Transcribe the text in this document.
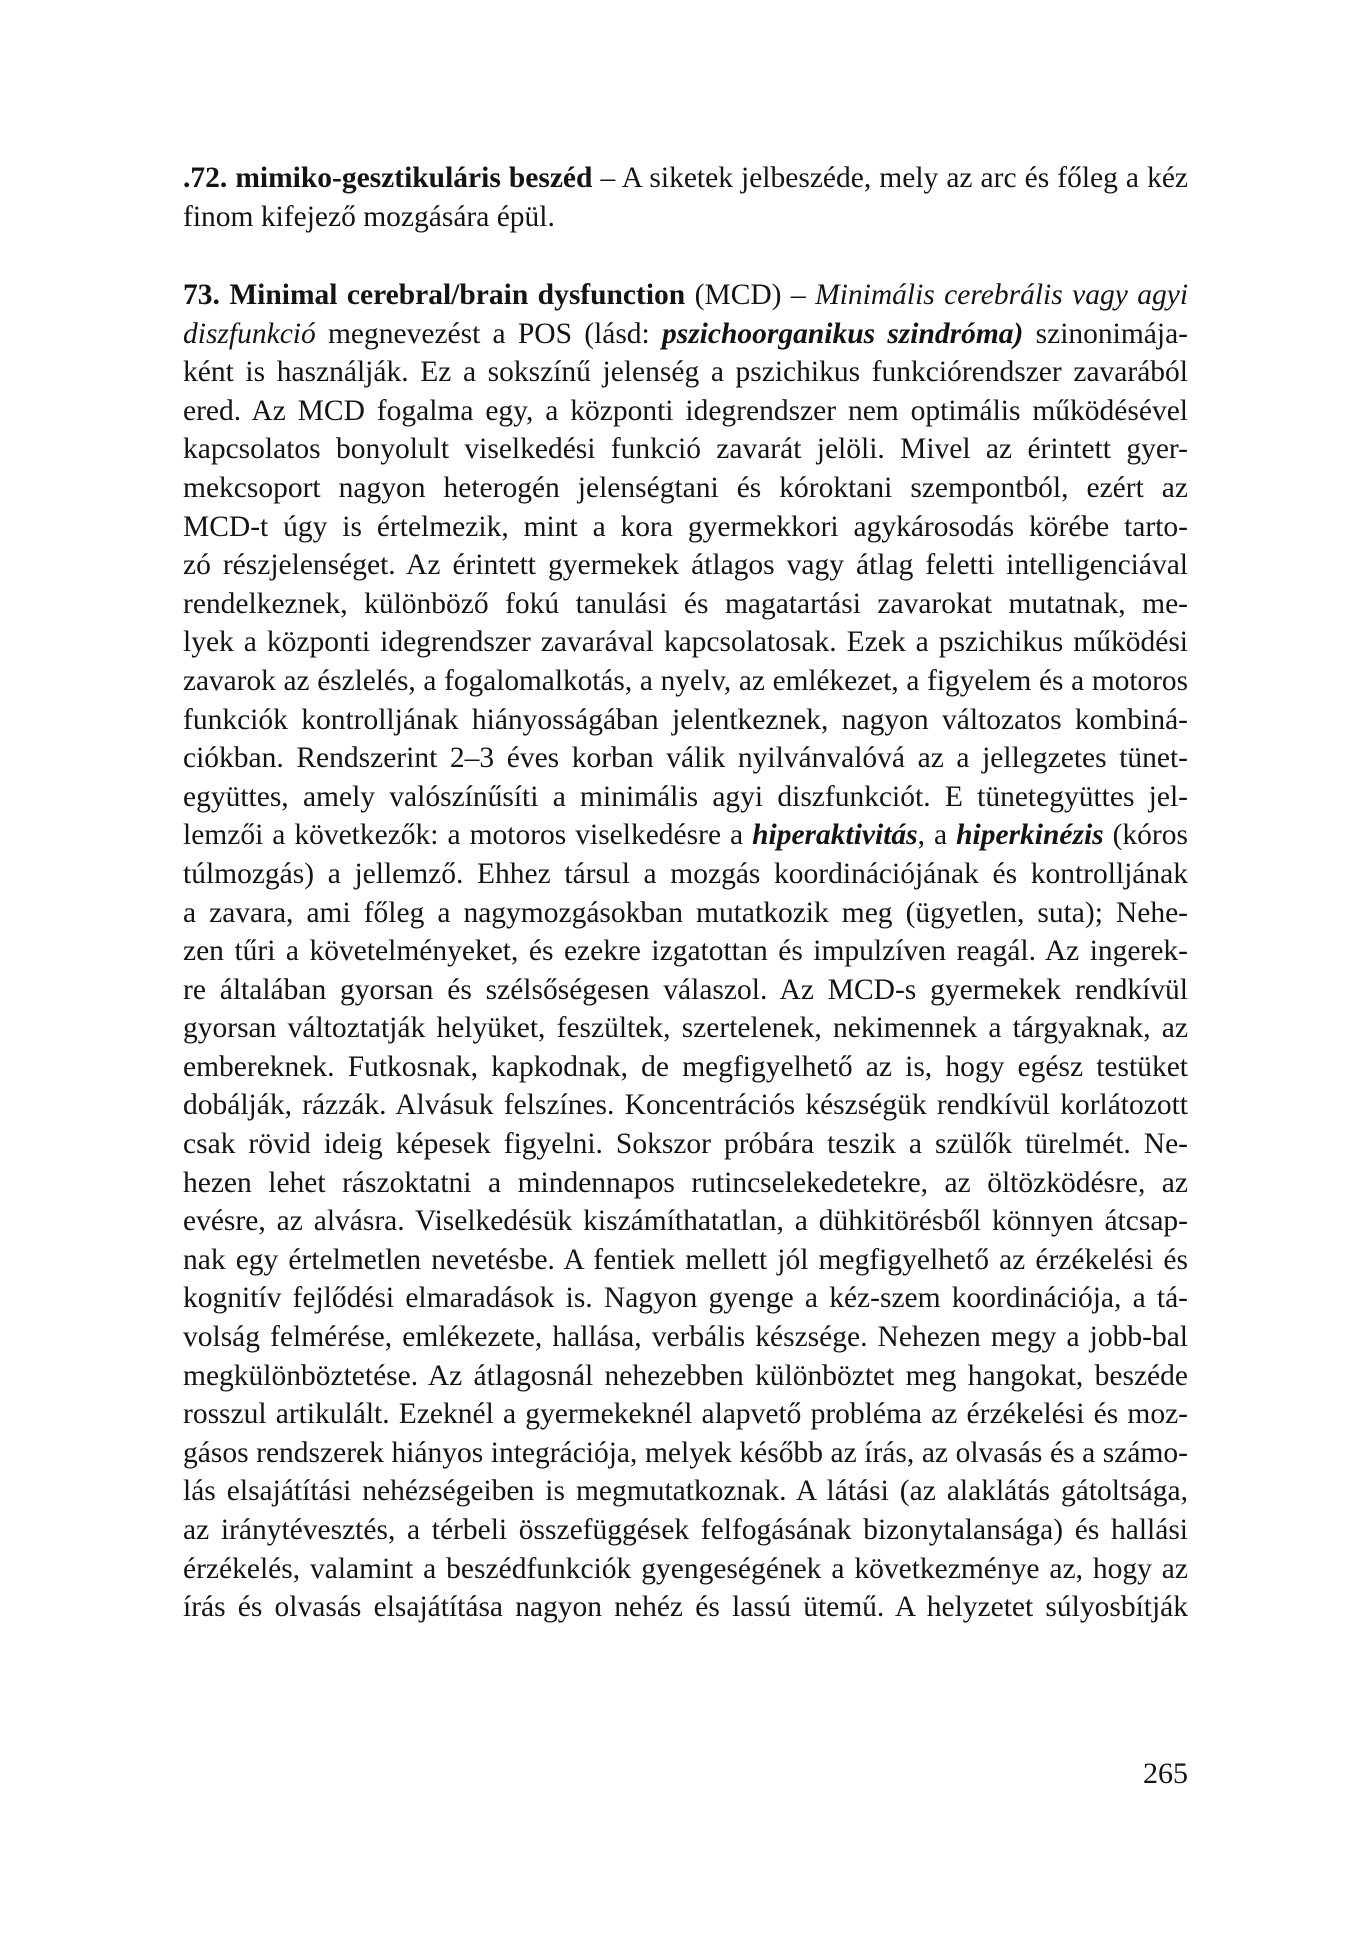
.72. mimiko-gesztikuláris beszéd – A siketek jelbeszéde, mely az arc és főleg a kéz
finom kifejező mozgására épül.
73. Minimal cerebral/brain dysfunction (MCD) – Minimális cerebrális vagy agyi
diszfunkció megnevezést a POS (lásd: pszichoorganikus szindróma) szinonimája-
ként is használják. Ez a sokszínű jelenség a pszichikus funkciórendszer zavarából
ered. Az MCD fogalma egy, a központi idegrendszer nem optimális működésével
kapcsolatos bonyolult viselkedési funkció zavarát jelöli. Mivel az érintett gyer-
mekcsoport nagyon heterogén jelenségtani és kóroktani szempontból, ezért az
MCD-t úgy is értelmezik, mint a kora gyermekkori agykárosodás körébe tarto-
zó részjelenséget. Az érintett gyermekek átlagos vagy átlag feletti intelligenciával
rendelkeznek, különböző fokú tanulási és magatartási zavarokat mutatnak, me-
lyek a központi idegrendszer zavarával kapcsolatosak. Ezek a pszichikus működési
zavarok az észlelés, a fogalomalkotás, a nyelv, az emlékezet, a figyelem és a motoros
funkciók kontrolljának hiányosságában jelentkeznek, nagyon változatos kombiná-
ciókban. Rendszerint 2–3 éves korban válik nyilvánvalóvá az a jellegzetes tünet-
együttes, amely valószínűsíti a minimális agyi diszfunkciót. E tünetegyüttes jel-
lemzői a következők: a motoros viselkedésre a hiperaktivitás, a hiperkinézis (kóros
túlmozgás) a jellemző. Ehhez társul a mozgás koordinációjának és kontrolljának
a zavara, ami főleg a nagymozgásokban mutatkozik meg (ügyetlen, suta); Nehe-
zen tűri a követelményeket, és ezekre izgatottan és impulzíven reagál. Az ingerek-
re általában gyorsan és szélsőségesen válaszol. Az MCD-s gyermekek rendkívül
gyorsan változtatják helyüket, feszültek, szertelenek, nekimennek a tárgyaknak, az
embereknek. Futkosnak, kapkodnak, de megfigyelhető az is, hogy egész testüket
dobálják, rázzák. Alvásuk felszínes. Koncentrációs készségük rendkívül korlátozott
csak rövid ideig képesek figyelni. Sokszor próbára teszik a szülők türelmét. Ne-
hezen lehet rászoktatni a mindennapos rutincselekedetekre, az öltözködésre, az
evésre, az alvásra. Viselkedésük kiszámíthatatlan, a dühkitörésből könnyen átcsap-
nak egy értelmetlen nevetésbe. A fentiek mellett jól megfigyelhető az érzékelési és
kognitív fejlődési elmaradások is. Nagyon gyenge a kéz-szem koordinációja, a tá-
volság felmérése, emlékezete, hallása, verbális készsége. Nehezen megy a jobb-bal
megkülönböztetése. Az átlagosnál nehezebben különböztet meg hangokat, beszéde
rosszul artikulált. Ezeknél a gyermekeknél alapvető probléma az érzékelési és moz-
gásos rendszerek hiányos integrációja, melyek később az írás, az olvasás és a számo-
lás elsajátítási nehézségeiben is megmutatkoznak. A látási (az alaklátás gátoltsága,
az iránytévesztés, a térbeli összefüggések felfogásának bizonytalansága) és hallási
érzékelés, valamint a beszédfunkciók gyengeségének a következménye az, hogy az
írás és olvasás elsajátítása nagyon nehéz és lassú ütemű. A helyzetet súlyosbítják
265
